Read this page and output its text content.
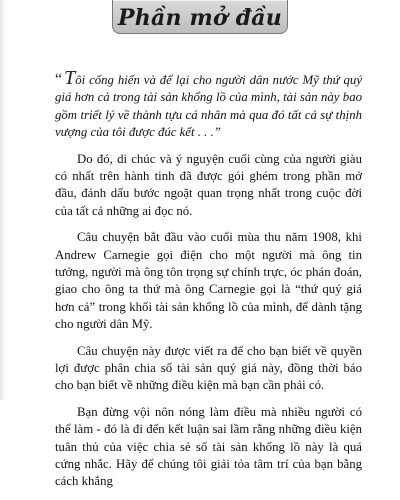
Phần mở đầu

“ Tôi cống hiến và để lại cho người dân nước Mỹ thứ quý giá hơn cả trong tài sản khổng lồ của mình, tài sản này bao gồm triết lý về thành tựu cá nhân mà qua đó tất cả sự thịnh vượng của tôi được đúc kết . . .”

Do đó, di chúc và ý nguyện cuối cùng của người giàu có nhất trên hành tinh đã được gói ghém trong phần mở đầu, đánh dấu bước ngoặt quan trọng nhất trong cuộc đời của tất cả những ai đọc nó.

Câu chuyện bắt đầu vào cuối mùa thu năm 1908, khi Andrew Carnegie gọi điện cho một người mà ông tin tưởng, người mà ông tôn trọng sự chính trực, óc phán đoán, giao cho ông ta thứ mà ông Carnegie gọi là “thứ quý giá hơn cả” trong khối tài sản khổng lồ của mình, để dành tặng cho người dân Mỹ.

Câu chuyện này được viết ra để cho bạn biết về quyền lợi được phân chia số tài sản quý giá này, đồng thời báo cho bạn biết về những điều kiện mà bạn cần phải có.

Bạn đừng vội nôn nóng làm điều mà nhiều người có thể làm - đó là đi đến kết luận sai lầm rằng những điều kiện tuân thủ của việc chia sẻ số tài sản khổng lồ này là quá cứng nhắc. Hãy để chúng tôi giải tỏa tâm trí của bạn bằng cách khẳng
